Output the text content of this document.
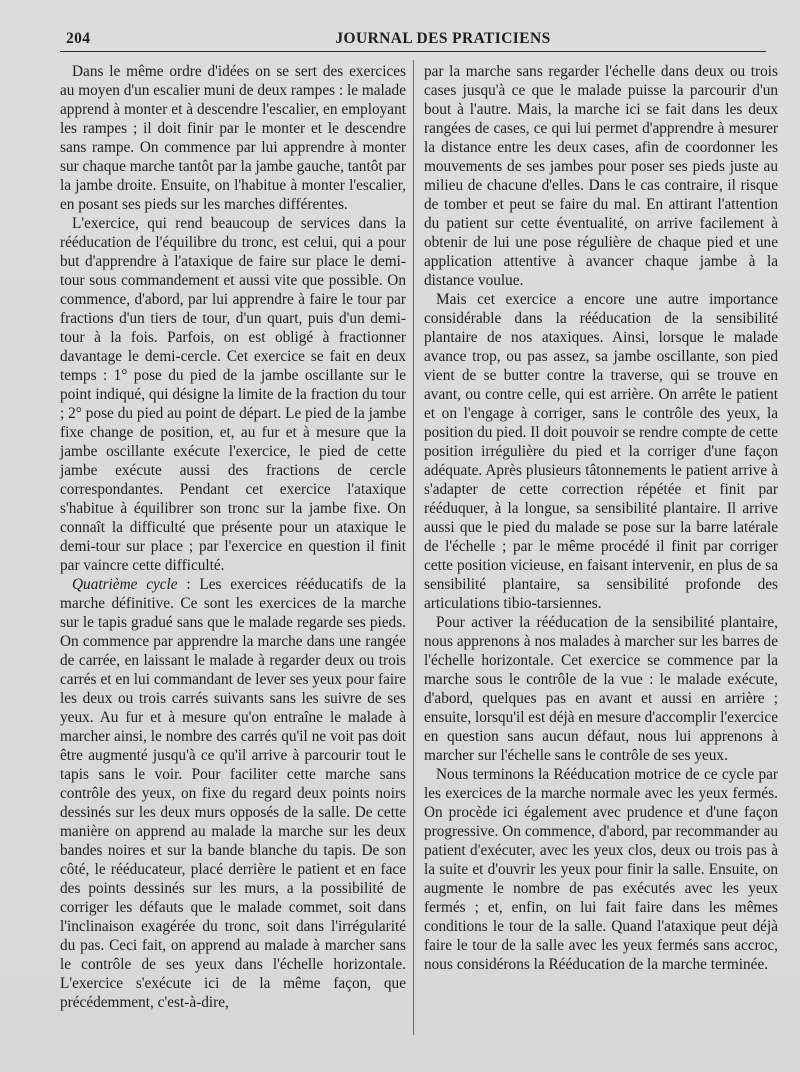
204	JOURNAL DES PRATICIENS

Dans le même ordre d'idées on se sert des exercices au moyen d'un escalier muni de deux rampes : le malade apprend à monter et à descendre l'escalier, en employant les rampes ; il doit finir par le monter et le descendre sans rampe. On commence par lui apprendre à monter sur chaque marche tantôt par la jambe gauche, tantôt par la jambe droite. Ensuite, on l'habitue à monter l'escalier, en posant ses pieds sur les marches différentes.

L'exercice, qui rend beaucoup de services dans la rééducation de l'équilibre du tronc, est celui, qui a pour but d'apprendre à l'ataxique de faire sur place le demi-tour sous commandement et aussi vite que possible. On commence, d'abord, par lui apprendre à faire le tour par fractions d'un tiers de tour, d'un quart, puis d'un demi-tour à la fois. Parfois, on est obligé à fractionner davantage le demi-cercle. Cet exercice se fait en deux temps : 1° pose du pied de la jambe oscillante sur le point indiqué, qui désigne la limite de la fraction du tour ; 2° pose du pied au point de départ. Le pied de la jambe fixe change de position, et, au fur et à mesure que la jambe oscillante exécute l'exercice, le pied de cette jambe exécute aussi des fractions de cercle correspondantes. Pendant cet exercice l'ataxique s'habitue à équilibrer son tronc sur la jambe fixe. On connaît la difficulté que présente pour un ataxique le demi-tour sur place ; par l'exercice en question il finit par vaincre cette difficulté.

Quatrième cycle : Les exercices rééducatifs de la marche définitive. Ce sont les exercices de la marche sur le tapis gradué sans que le malade regarde ses pieds. On commence par apprendre la marche dans une rangée de carrée, en laissant le malade à regarder deux ou trois carrés et en lui commandant de lever ses yeux pour faire les deux ou trois carrés suivants sans les suivre de ses yeux. Au fur et à mesure qu'on entraîne le malade à marcher ainsi, le nombre des carrés qu'il ne voit pas doit être augmenté jusqu'à ce qu'il arrive à parcourir tout le tapis sans le voir. Pour faciliter cette marche sans contrôle des yeux, on fixe du regard deux points noirs dessinés sur les deux murs opposés de la salle. De cette manière on apprend au malade la marche sur les deux bandes noires et sur la bande blanche du tapis. De son côté, le rééducateur, placé derrière le patient et en face des points dessinés sur les murs, a la possibilité de corriger les défauts que le malade commet, soit dans l'inclinaison exagérée du tronc, soit dans l'irrégularité du pas. Ceci fait, on apprend au malade à marcher sans le contrôle de ses yeux dans l'échelle horizontale. L'exercice s'exécute ici de la même façon, que précédemment, c'est-à-dire,

par la marche sans regarder l'échelle dans deux ou trois cases jusqu'à ce que le malade puisse la parcourir d'un bout à l'autre. Mais, la marche ici se fait dans les deux rangées de cases, ce qui lui permet d'apprendre à mesurer la distance entre les deux cases, afin de coordonner les mouvements de ses jambes pour poser ses pieds juste au milieu de chacune d'elles. Dans le cas contraire, il risque de tomber et peut se faire du mal. En attirant l'attention du patient sur cette éventualité, on arrive facilement à obtenir de lui une pose régulière de chaque pied et une application attentive à avancer chaque jambe à la distance voulue.

Mais cet exercice a encore une autre importance considérable dans la rééducation de la sensibilité plantaire de nos ataxiques. Ainsi, lorsque le malade avance trop, ou pas assez, sa jambe oscillante, son pied vient de se butter contre la traverse, qui se trouve en avant, ou contre celle, qui est arrière. On arrête le patient et on l'engage à corriger, sans le contrôle des yeux, la position du pied. Il doit pouvoir se rendre compte de cette position irrégulière du pied et la corriger d'une façon adéquate. Après plusieurs tâtonnements le patient arrive à s'adapter de cette correction répétée et finit par rééduquer, à la longue, sa sensibilité plantaire. Il arrive aussi que le pied du malade se pose sur la barre latérale de l'échelle ; par le même procédé il finit par corriger cette position vicieuse, en faisant intervenir, en plus de sa sensibilité plantaire, sa sensibilité profonde des articulations tibio-tarsiennes.

Pour activer la rééducation de la sensibilité plantaire, nous apprenons à nos malades à marcher sur les barres de l'échelle horizontale. Cet exercice se commence par la marche sous le contrôle de la vue : le malade exécute, d'abord, quelques pas en avant et aussi en arrière ; ensuite, lorsqu'il est déjà en mesure d'accomplir l'exercice en question sans aucun défaut, nous lui apprenons à marcher sur l'échelle sans le contrôle de ses yeux.

Nous terminons la Rééducation motrice de ce cycle par les exercices de la marche normale avec les yeux fermés. On procède ici également avec prudence et d'une façon progressive. On commence, d'abord, par recommander au patient d'exécuter, avec les yeux clos, deux ou trois pas à la suite et d'ouvrir les yeux pour finir la salle. Ensuite, on augmente le nombre de pas exécutés avec les yeux fermés ; et, enfin, on lui fait faire dans les mêmes conditions le tour de la salle. Quand l'ataxique peut déjà faire le tour de la salle avec les yeux fermés sans accroc, nous considérons la Rééducation de la marche terminée.
